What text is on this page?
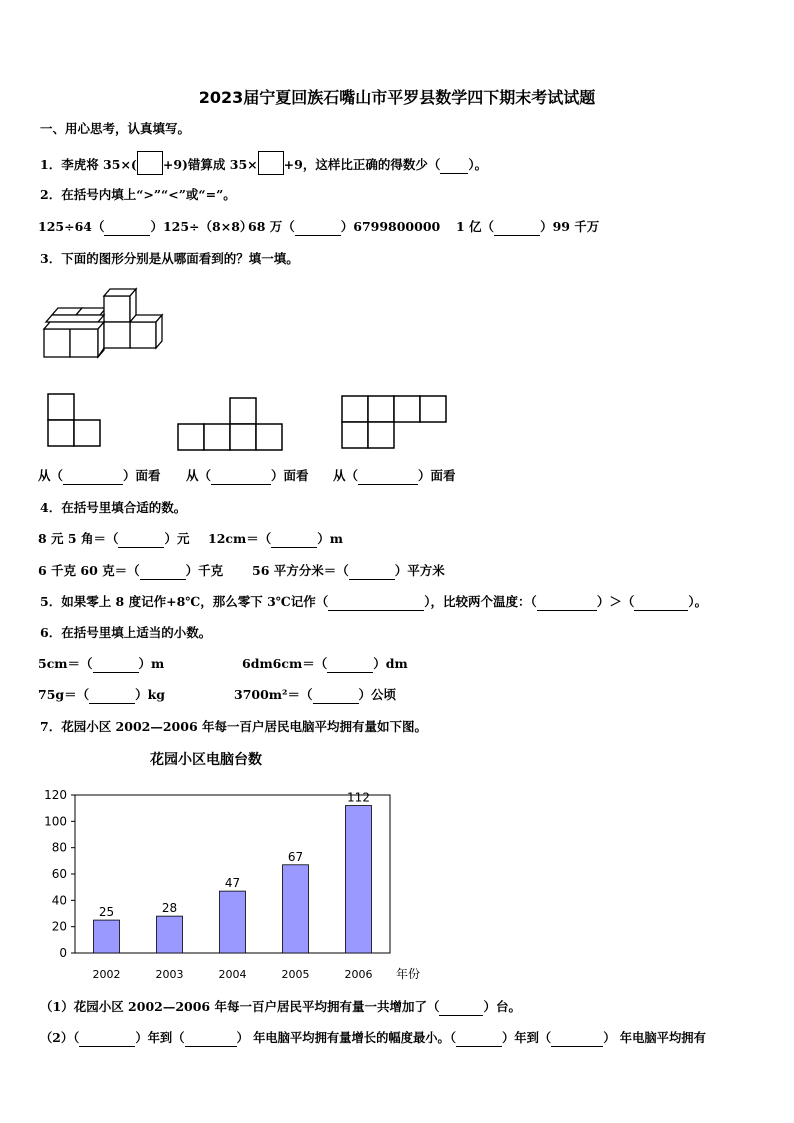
2023届宁夏回族石嘴山市平罗县数学四下期末考试试题
一、用心思考，认真填写。
1．李虎将 35×( +9)错算成 35× +9，这样比正确的得数少（ ）。
2．在括号内填上“>”“<”或“=”。
125÷64（	）125÷（8×8）
68 万（	）6799800000 1 亿（	）99 千万
3．下面的图形分别是从哪面看到的？填一填。
从（	）面看 从（	）面看 从（	）面看
4．在括号里填合适的数。
8 元 5 角＝（	）元 12cm＝（	）m
6 千克 60 克＝（	）千克 56 平方分米＝（	）平方米
5．如果零上 8 度记作+8℃，那么零下 3℃记作（	），比较两个温度：（	）＞（	）。
6．在括号里填上适当的小数。
5cm＝（	）m	6dm6cm＝（	）dm
75g＝（	）kg	3700m²＝（	）公顷
7．花园小区 2002—2006 年每一百户居民电脑平均拥有量如下图。
花园小区电脑台数
0
20
40
60
80
100
120
25
2002
28
2003
47
2004
67
2005
112
2006 年份
（1）花园小区 2002—2006 年每一百户居民平均拥有量一共增加了（	）台。
（2）（	）年到（	） 年电脑平均拥有量增长的幅度最小。（	）年到（	） 年电脑平均拥有
